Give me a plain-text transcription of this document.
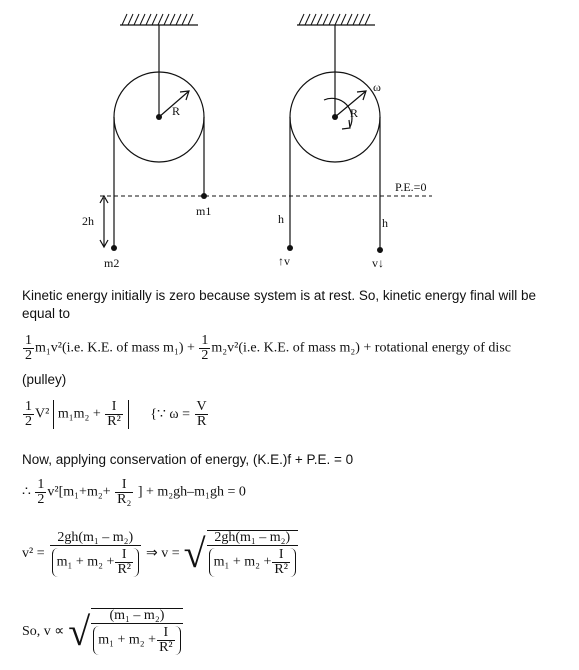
R
m1
m2
2h
R
ω
P.E.=0
h	h
↑v	v↓
Kinetic energy initially is zero because system is at rest. So, kinetic energy final will be
equal to
$\frac{1}{2} m_1v^2(i.e$. K.E. of mass $m_1) + \frac{1}{2} m_2v^2(i.e$. K.E. of mass m₂) + rotational energy of disc
(pulley)
$\frac{1}{2} V^2$ $m_1m_2 + \frac{I}{\text{R²}}$ {∵ $\omega = \frac{V}{R}$
Now, applying conservation of energy, (K.E.)f + P.E. = 0
∴ $\frac{1}{2} v^2[m_1+m_2+ \frac{I}{\text{R₂}}$ ] + m₂gh–m₁gh = 0
$v^2 = \frac{\text{2gh(m₁ – m₂)}}{m_1 + m_2 + \frac{I}{\text{R²}}}$ ⇒ v = √ $\frac{\text{2gh(m₁ – m₂)}}{m_1 + m_2 + \frac{I}{\text{R²}}}$
So, v ∝ √ $\frac{\text{(m₁ – m₂)}}{m_1 + m_2 + \frac{I}{\text{R²}}}$
